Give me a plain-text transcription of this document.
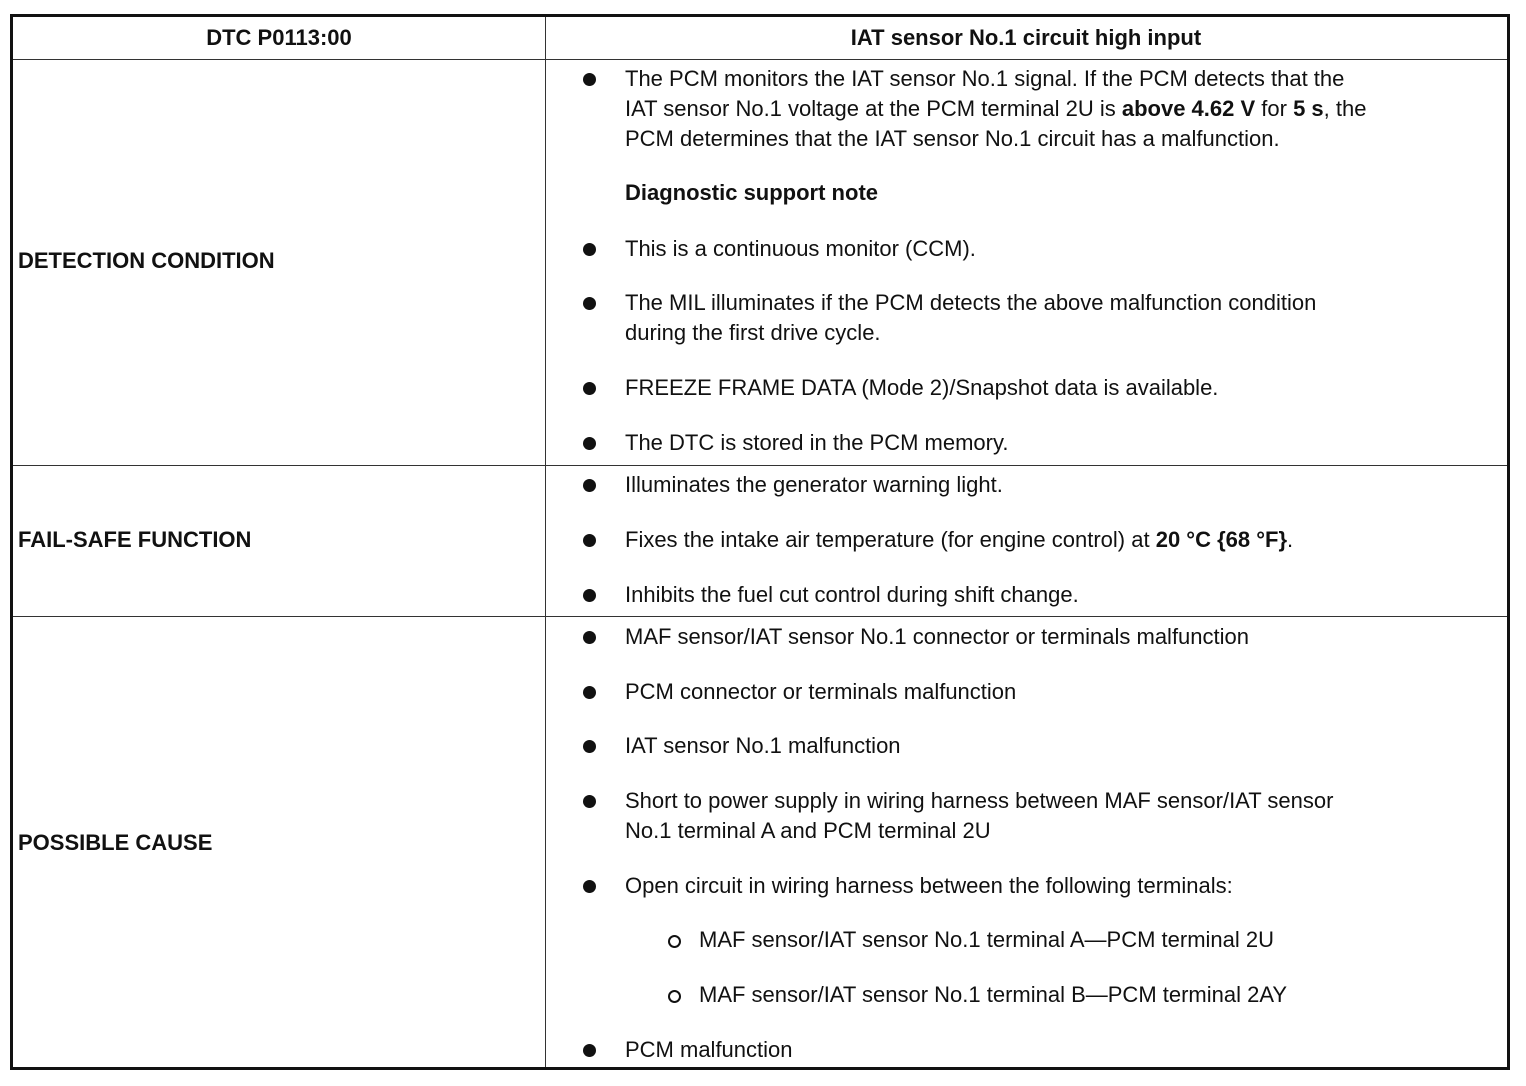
DTC P0113:00	IAT sensor No.1 circuit high input
DETECTION CONDITION
FAIL-SAFE FUNCTION
POSSIBLE CAUSE
The PCM monitors the IAT sensor No.1 signal. If the PCM detects that the
IAT sensor No.1 voltage at the PCM terminal 2U is above 4.62 V for 5 s, the
PCM determines that the IAT sensor No.1 circuit has a malfunction.
Diagnostic support note
This is a continuous monitor (CCM).
The MIL illuminates if the PCM detects the above malfunction condition
during the first drive cycle.
FREEZE FRAME DATA (Mode 2)/Snapshot data is available.
The DTC is stored in the PCM memory.
Illuminates the generator warning light.
Fixes the intake air temperature (for engine control) at 20 °C {68 °F}.
Inhibits the fuel cut control during shift change.
MAF sensor/IAT sensor No.1 connector or terminals malfunction
PCM connector or terminals malfunction
IAT sensor No.1 malfunction
Short to power supply in wiring harness between MAF sensor/IAT sensor
No.1 terminal A and PCM terminal 2U
Open circuit in wiring harness between the following terminals:
MAF sensor/IAT sensor No.1 terminal A—PCM terminal 2U
MAF sensor/IAT sensor No.1 terminal B—PCM terminal 2AY
PCM malfunction
